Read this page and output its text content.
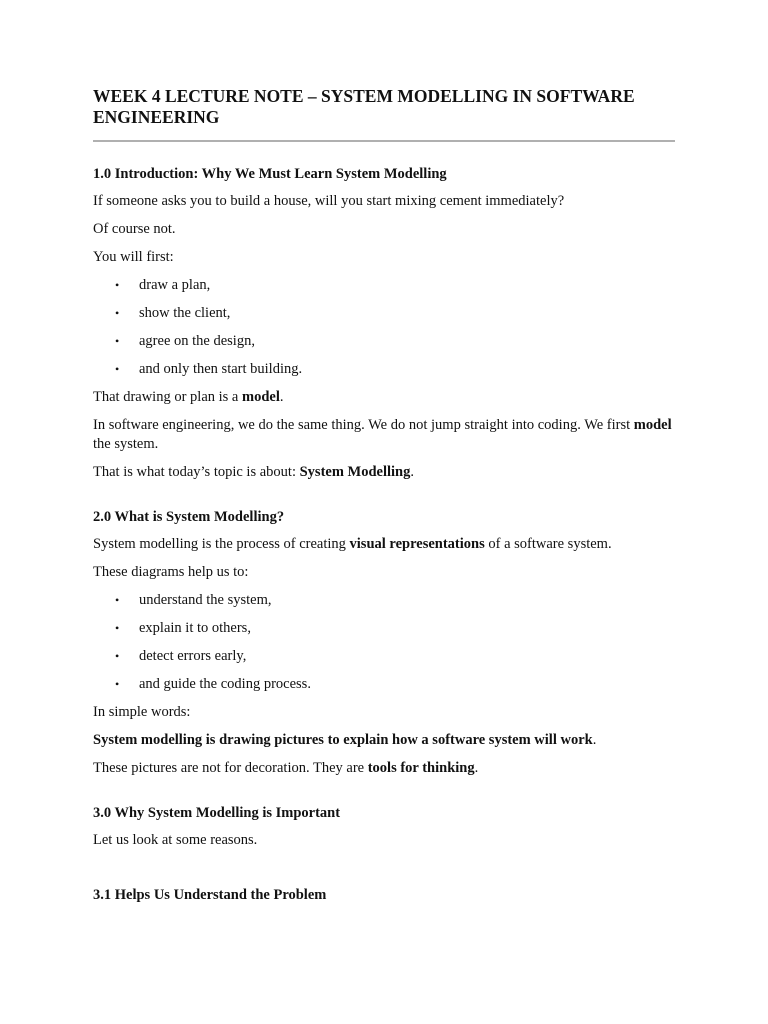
WEEK 4 LECTURE NOTE – SYSTEM MODELLING IN SOFTWARE ENGINEERING
1.0 Introduction: Why We Must Learn System Modelling

If someone asks you to build a house, will you start mixing cement immediately?

Of course not.

You will first:

• draw a plan,
• show the client,
• agree on the design,
• and only then start building.

That drawing or plan is a model.

In software engineering, we do the same thing. We do not jump straight into coding. We first model the system.

That is what today’s topic is about: System Modelling.

2.0 What is System Modelling?

System modelling is the process of creating visual representations of a software system.

These diagrams help us to:

• understand the system,
• explain it to others,
• detect errors early,
• and guide the coding process.

In simple words:

System modelling is drawing pictures to explain how a software system will work.

These pictures are not for decoration. They are tools for thinking.

3.0 Why System Modelling is Important

Let us look at some reasons.

3.1 Helps Us Understand the Problem
